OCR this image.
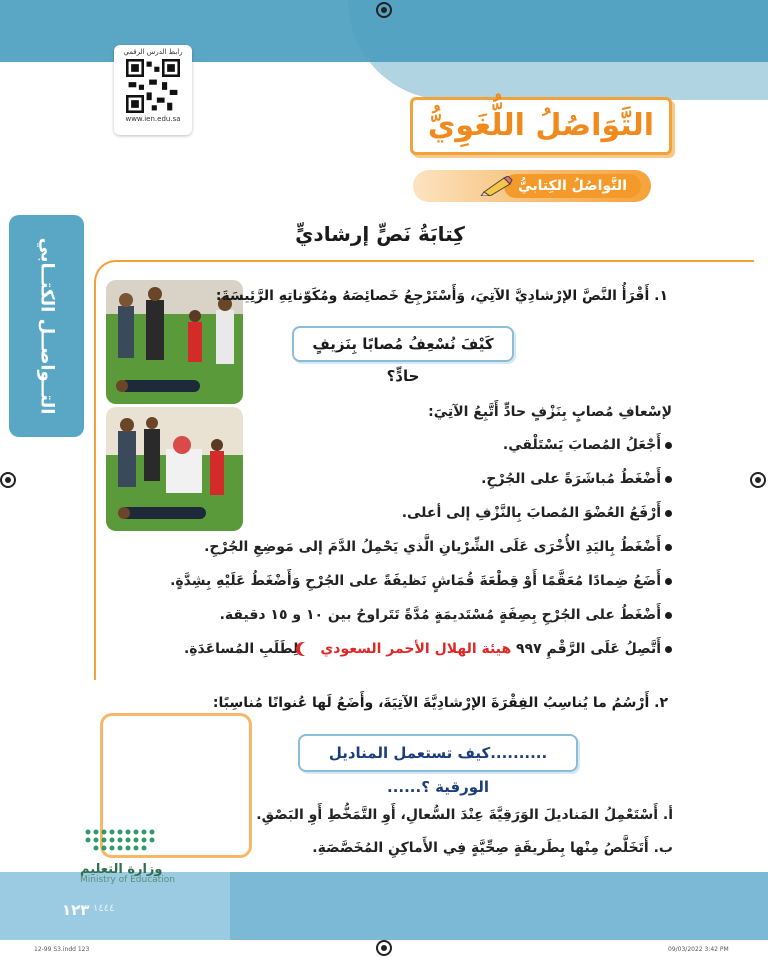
رابط الدرس الرقمي
www.ien.edu.sa	التَّوَاصُلُ اللُّغَوِيُّ
التَّواصُلُ الكِتابيُّ
التــواصــل الكتــابي
كِتابَةُ نَصٍّ إرشاديٍّ
١. أَقْرَأُ النَّصَّ الإرْشادِيَّ الآتِيَ، وَأَسْتَرْجِعُ خَصائِصَهُ ومُكَوّناتِهِ الرَّئِيسَةَ:
كَيْفَ نُسْعِفُ مُصابًا بِنَزيفٍ حادٍّ؟
لإسْعافِ مُصابٍ بِنَزْفٍ حادٍّ أَتَّبِعُ الآتِيَ:
أَجْعَلُ المُصابَ يَسْتَلْقي.
أَضْغَطُ مُباشَرَةً على الجُرْحِ.
أَرْفَعُ العُضْوَ المُصابَ بِالنَّزْفِ إلى أعلى.
أَضْغَطُ بِاليَدِ الأُخْرَى عَلَى الشِّرْيانِ الَّذي يَحْمِلُ الدَّمَ إلى مَوضِعِ الجُرْحِ.
أَضَعُ ضِمادًا مُعَقَّمًا أَوْ قِطْعَةَ قُمَاشٍ نَظيفَةً على الجُرْحِ وَأَضْغَطُ عَلَيْهِ بِشِدَّةٍ.
أَضْغَطُ على الجُرْحِ بِصِفَةٍ مُسْتَديمَةٍ مُدَّةً تَتَراوحُ بين ١٠ و ١٥ دقيقة.
أَتَّصِلُ عَلَى الرَّقْمِ ٩٩٧ هيئة الهلال الأحمر السعوديلِطَلَبِ المُساعَدَةِ.
٢. أَرْسُمُ ما يُناسِبُ الفِقْرَةَ الإرْشادِيَّةَ الآتِيَةَ، وأَضَعُ لَها عُنوانًا مُناسِبًا:
..........كيف تستعمل المناديل الورقية ؟......
أ. أَسْتَعْمِلُ المَناديلَ الوَرَقِيَّةَ عِنْدَ السُّعالِ، أَوِ التَّمَخُّطِ أَوِ البَصْقِ.
ب. أَتَخَلَّصُ مِنْها بِطَريقَةٍ صِحِّيَّةٍ فِي الأَماكِنِ المُخَصَّصَةِ.
وزارة التعليم
Ministry of Education
١٢٣ ١٤٤٤
12-99 S3.indd 123	09/03/2022 3:42 PM
